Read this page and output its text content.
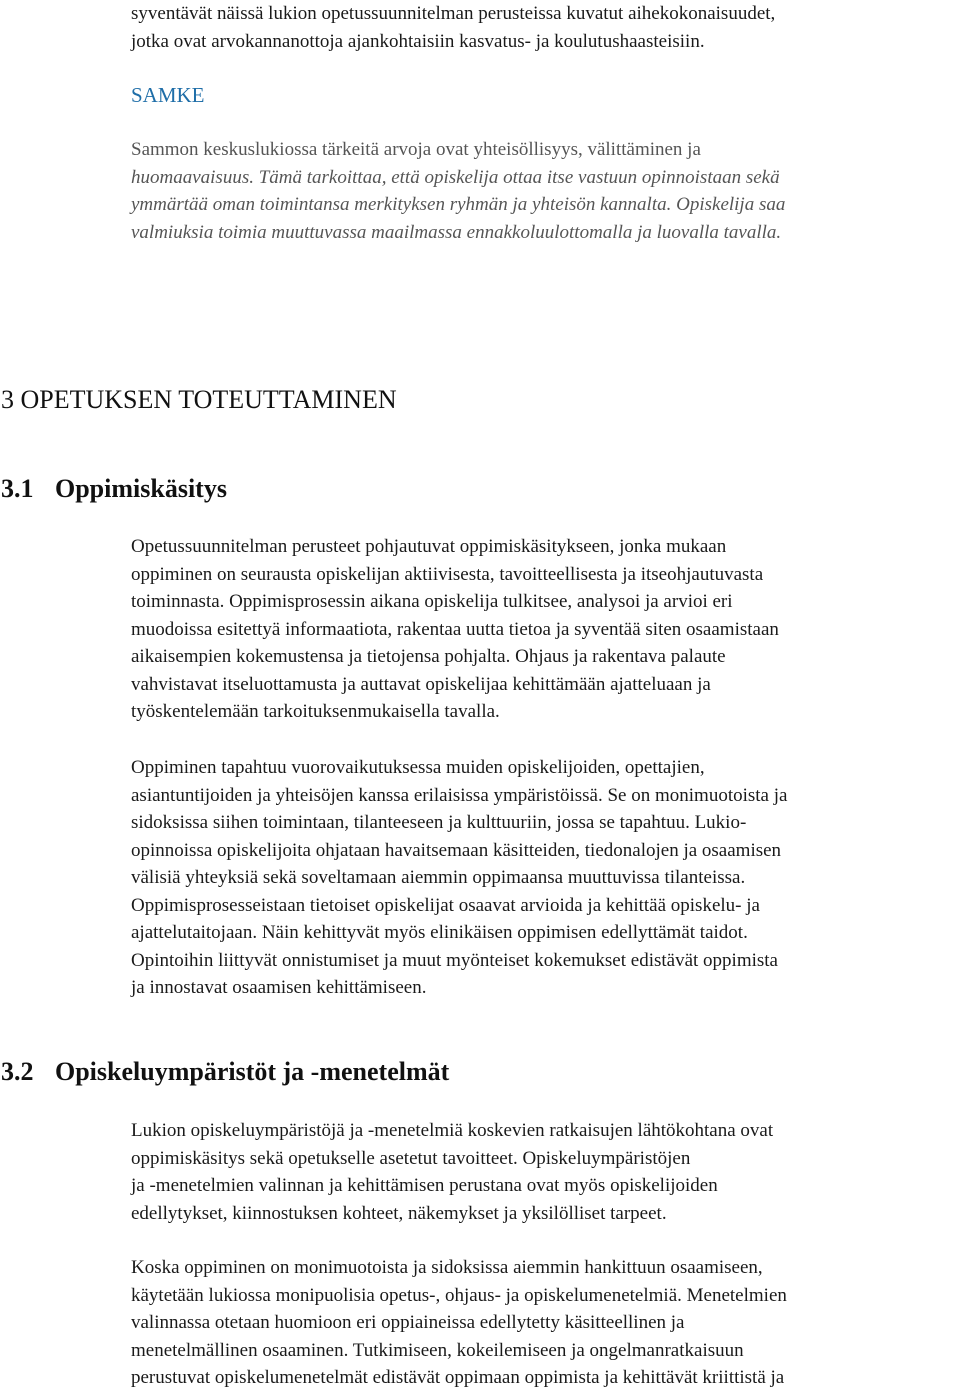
syventävät näissä lukion opetussuunnitelman perusteissa kuvatut aihekokonaisuudet,
jotka ovat arvokannanottoja ajankohtaisiin kasvatus- ja koulutushaasteisiin.
SAMKE
Sammon keskuslukiossa tärkeitä arvoja ovat yhteisöllisyys, välittäminen ja
huomaavaisuus. Tämä tarkoittaa, että opiskelija ottaa itse vastuun opinnoistaan sekä
ymmärtää oman toimintansa merkityksen ryhmän ja yhteisön kannalta. Opiskelija saa
valmiuksia toimia muuttuvassa maailmassa ennakkoluulottomalla ja luovalla tavalla.
3 OPETUKSEN TOTEUTTAMINEN
3.1 Oppimiskäsitys
Opetussuunnitelman perusteet pohjautuvat oppimiskäsitykseen, jonka mukaan
oppiminen on seurausta opiskelijan aktiivisesta, tavoitteellisesta ja itseohjautuvasta
toiminnasta. Oppimisprosessin aikana opiskelija tulkitsee, analysoi ja arvioi eri
muodoissa esitettyä informaatiota, rakentaa uutta tietoa ja syventää siten osaamistaan
aikaisempien kokemustensa ja tietojensa pohjalta. Ohjaus ja rakentava palaute
vahvistavat itseluottamusta ja auttavat opiskelijaa kehittämään ajatteluaan ja
työskentelemään tarkoituksenmukaisella tavalla.
Oppiminen tapahtuu vuorovaikutuksessa muiden opiskelijoiden, opettajien,
asiantuntijoiden ja yhteisöjen kanssa erilaisissa ympäristöissä. Se on monimuotoista ja
sidoksissa siihen toimintaan, tilanteeseen ja kulttuuriin, jossa se tapahtuu. Lukio-
opinnoissa opiskelijoita ohjataan havaitsemaan käsitteiden, tiedonalojen ja osaamisen
välisiä yhteyksiä sekä soveltamaan aiemmin oppimaansa muuttuvissa tilanteissa.
Oppimisprosesseistaan tietoiset opiskelijat osaavat arvioida ja kehittää opiskelu- ja
ajattelutaitojaan. Näin kehittyvät myös elinikäisen oppimisen edellyttämät taidot.
Opintoihin liittyvät onnistumiset ja muut myönteiset kokemukset edistävät oppimista
ja innostavat osaamisen kehittämiseen.
3.2 Opiskeluympäristöt ja -menetelmät
Lukion opiskeluympäristöjä ja -menetelmiä koskevien ratkaisujen lähtökohtana ovat
oppimiskäsitys sekä opetukselle asetetut tavoitteet. Opiskeluympäristöjen
ja -menetelmien valinnan ja kehittämisen perustana ovat myös opiskelijoiden
edellytykset, kiinnostuksen kohteet, näkemykset ja yksilölliset tarpeet.
Koska oppiminen on monimuotoista ja sidoksissa aiemmin hankittuun osaamiseen,
käytetään lukiossa monipuolisia opetus-, ohjaus- ja opiskelumenetelmiä. Menetelmien
valinnassa otetaan huomioon eri oppiaineissa edellytetty käsitteellinen ja
menetelmällinen osaaminen. Tutkimiseen, kokeilemiseen ja ongelmanratkaisuun
perustuvat opiskelumenetelmät edistävät oppimaan oppimista ja kehittävät kriittistä ja
